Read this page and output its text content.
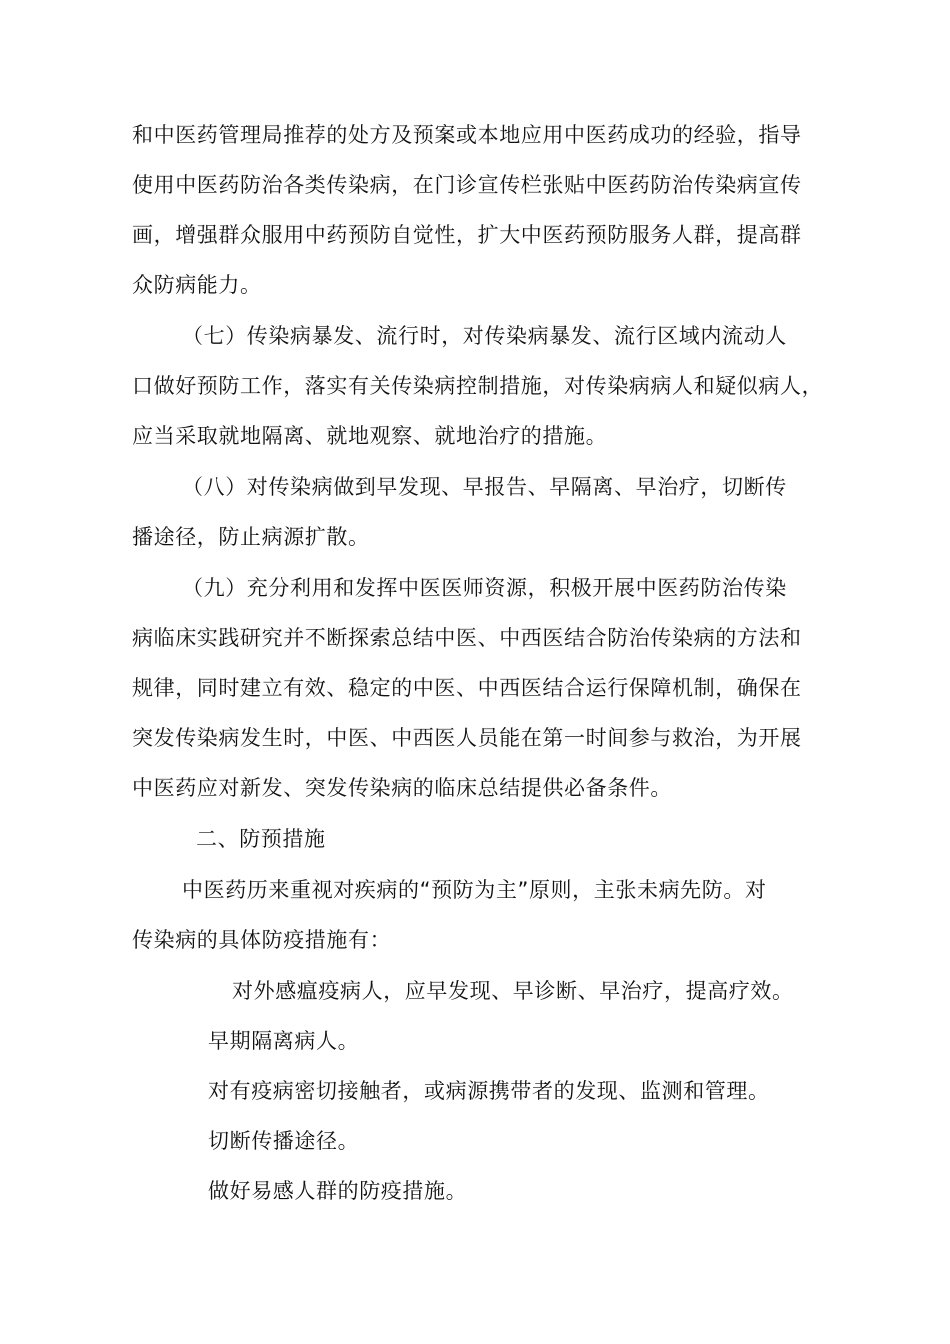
和中医药管理局推荐的处方及预案或本地应用中医药成功的经验，指导
使用中医药防治各类传染病，在门诊宣传栏张贴中医药防治传染病宣传
画，增强群众服用中药预防自觉性，扩大中医药预防服务人群，提高群
众防病能力。
（七）传染病暴发、流行时，对传染病暴发、流行区域内流动人
口做好预防工作，落实有关传染病控制措施，对传染病病人和疑似病人，
应当采取就地隔离、就地观察、就地治疗的措施。
（八）对传染病做到早发现、早报告、早隔离、早治疗，切断传
播途径，防止病源扩散。
（九）充分利用和发挥中医医师资源，积极开展中医药防治传染
病临床实践研究并不断探索总结中医、中西医结合防治传染病的方法和
规律，同时建立有效、稳定的中医、中西医结合运行保障机制，确保在
突发传染病发生时，中医、中西医人员能在第一时间参与救治，为开展
中医药应对新发、突发传染病的临床总结提供必备条件。
二、防预措施
中医药历来重视对疾病的“预防为主”原则，主张未病先防。对
传染病的具体防疫措施有：
对外感瘟疫病人，应早发现、早诊断、早治疗，提高疗效。
早期隔离病人。
对有疫病密切接触者，或病源携带者的发现、监测和管理。
切断传播途径。
做好易感人群的防疫措施。
